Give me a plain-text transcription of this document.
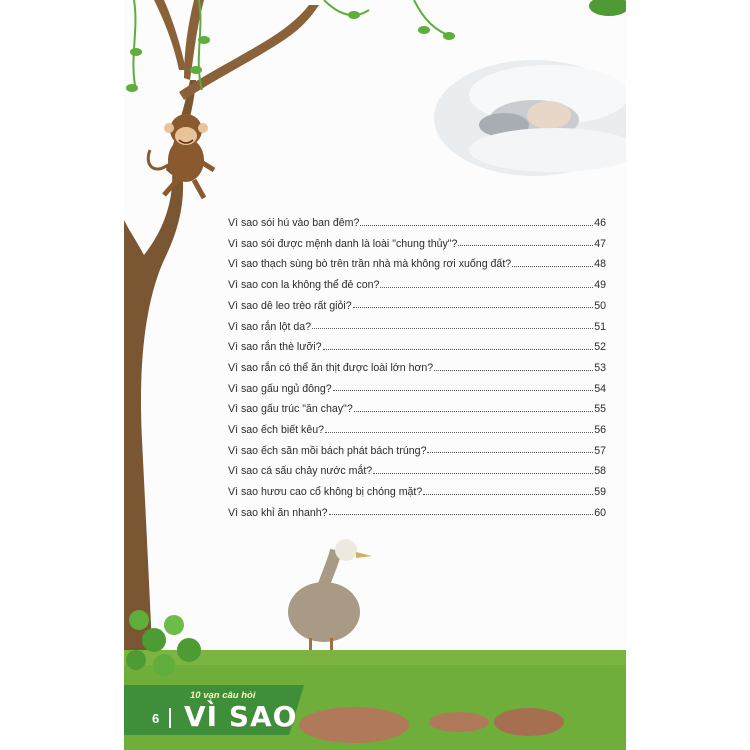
Vì sao sói hú vào ban đêm?	46
Vì sao sói được mệnh danh là loài "chung thủy"?	47
Vì sao thạch sùng bò trên trần nhà mà không rơi xuống đất?	48
Vì sao con la không thể đẻ con?	49
Vì sao dê leo trèo rất giỏi?	50
Vì sao rắn lột da?	51
Vì sao rắn thè lưỡi?	52
Vì sao rắn có thể ăn thịt được loài lớn hơn?	53
Vì sao gấu ngủ đông?	54
Vì sao gấu trúc "ăn chay"?	55
Vì sao ếch biết kêu?	56
Vì sao ếch săn mồi bách phát bách trúng?	57
Vì sao cá sấu chảy nước mắt?	58
Vì sao hươu cao cổ không bị chóng mặt?	59
Vì sao khỉ ăn nhanh?	60
6
10 vạn câu hỏi
VÌ SAO
